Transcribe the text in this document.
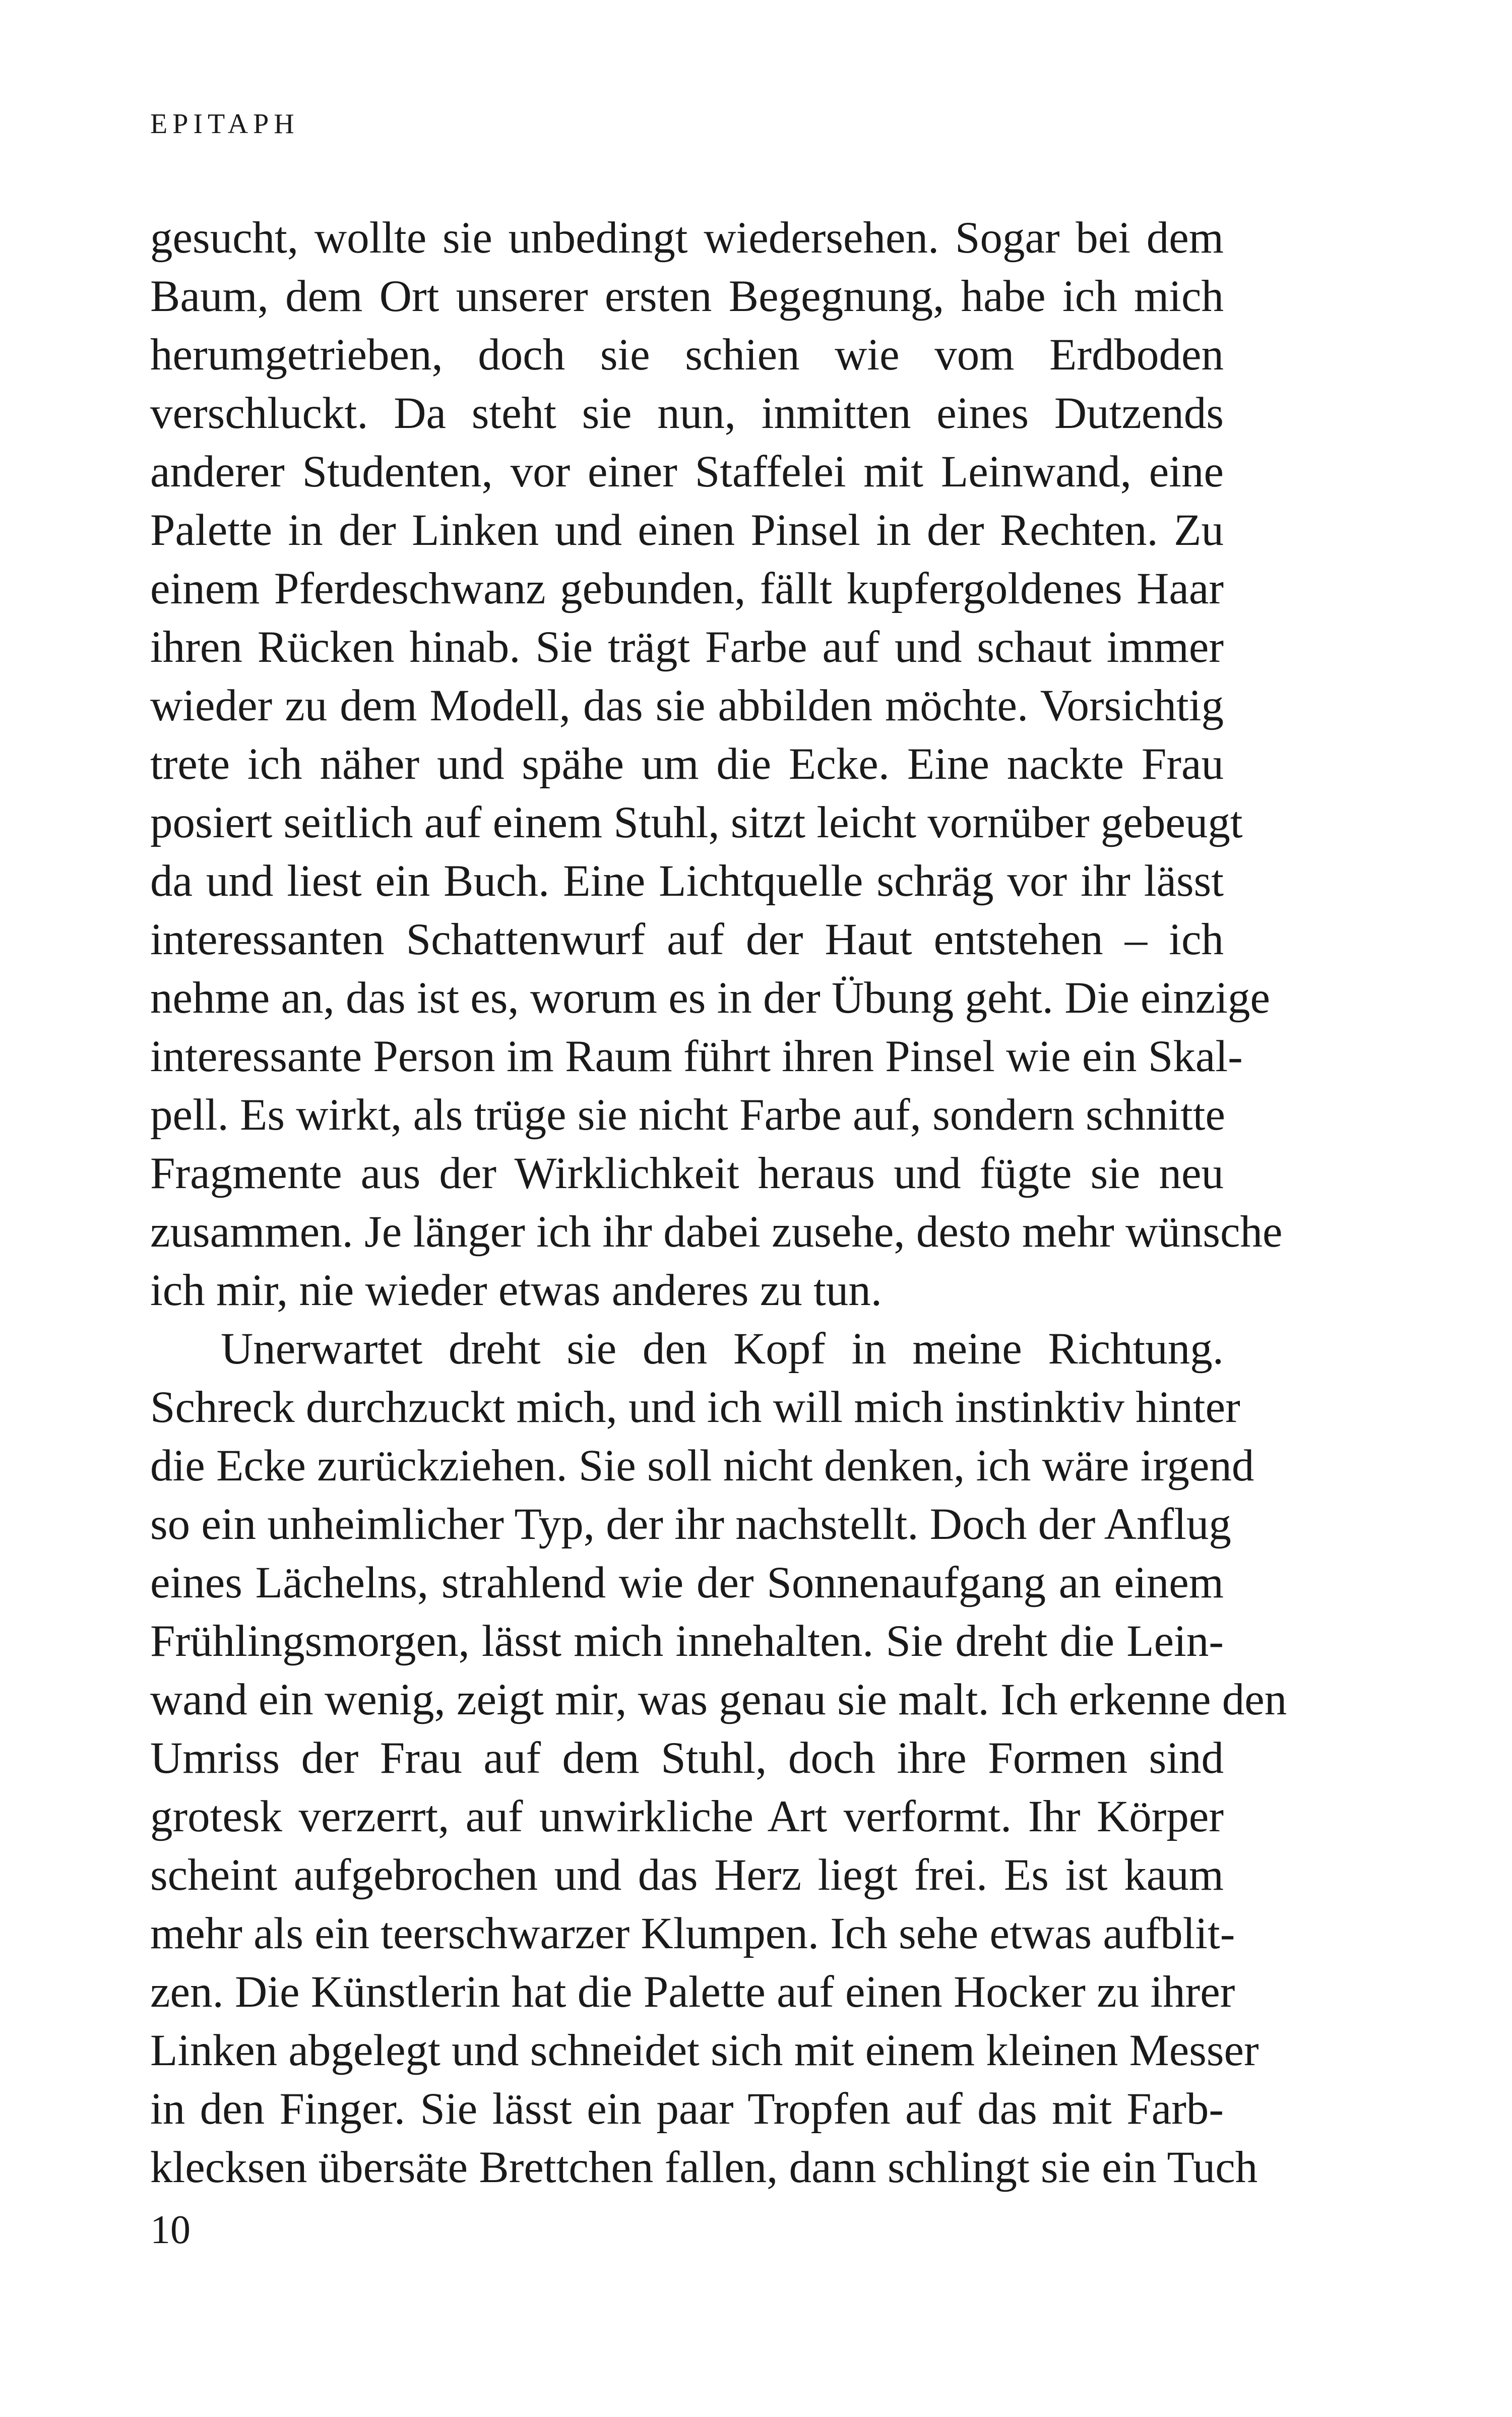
EPITAPH
gesucht, wollte sie unbedingt wiedersehen. Sogar bei dem
Baum, dem Ort unserer ersten Begegnung, habe ich mich
herumgetrieben, doch sie schien wie vom Erdboden
verschluckt. Da steht sie nun, inmitten eines Dutzends
anderer Studenten, vor einer Staffelei mit Leinwand, eine
Palette in der Linken und einen Pinsel in der Rechten. Zu
einem Pferdeschwanz gebunden, fällt kupfergoldenes Haar
ihren Rücken hinab. Sie trägt Farbe auf und schaut immer
wieder zu dem Modell, das sie abbilden möchte. Vorsichtig
trete ich näher und spähe um die Ecke. Eine nackte Frau
posiert seitlich auf einem Stuhl, sitzt leicht vornüber gebeugt
da und liest ein Buch. Eine Lichtquelle schräg vor ihr lässt
interessanten Schattenwurf auf der Haut entstehen – ich
nehme an, das ist es, worum es in der Übung geht. Die einzige
interessante Person im Raum führt ihren Pinsel wie ein Skal-
pell. Es wirkt, als trüge sie nicht Farbe auf, sondern schnitte
Fragmente aus der Wirklichkeit heraus und fügte sie neu
zusammen. Je länger ich ihr dabei zusehe, desto mehr wünsche
ich mir, nie wieder etwas anderes zu tun.
Unerwartet dreht sie den Kopf in meine Richtung.
Schreck durchzuckt mich, und ich will mich instinktiv hinter
die Ecke zurückziehen. Sie soll nicht denken, ich wäre irgend
so ein unheimlicher Typ, der ihr nachstellt. Doch der Anflug
eines Lächelns, strahlend wie der Sonnenaufgang an einem
Frühlingsmorgen, lässt mich innehalten. Sie dreht die Lein-
wand ein wenig, zeigt mir, was genau sie malt. Ich erkenne den
Umriss der Frau auf dem Stuhl, doch ihre Formen sind
grotesk verzerrt, auf unwirkliche Art verformt. Ihr Körper
scheint aufgebrochen und das Herz liegt frei. Es ist kaum
mehr als ein teerschwarzer Klumpen. Ich sehe etwas aufblit-
zen. Die Künstlerin hat die Palette auf einen Hocker zu ihrer
Linken abgelegt und schneidet sich mit einem kleinen Messer
in den Finger. Sie lässt ein paar Tropfen auf das mit Farb-
klecksen übersäte Brettchen fallen, dann schlingt sie ein Tuch
10
